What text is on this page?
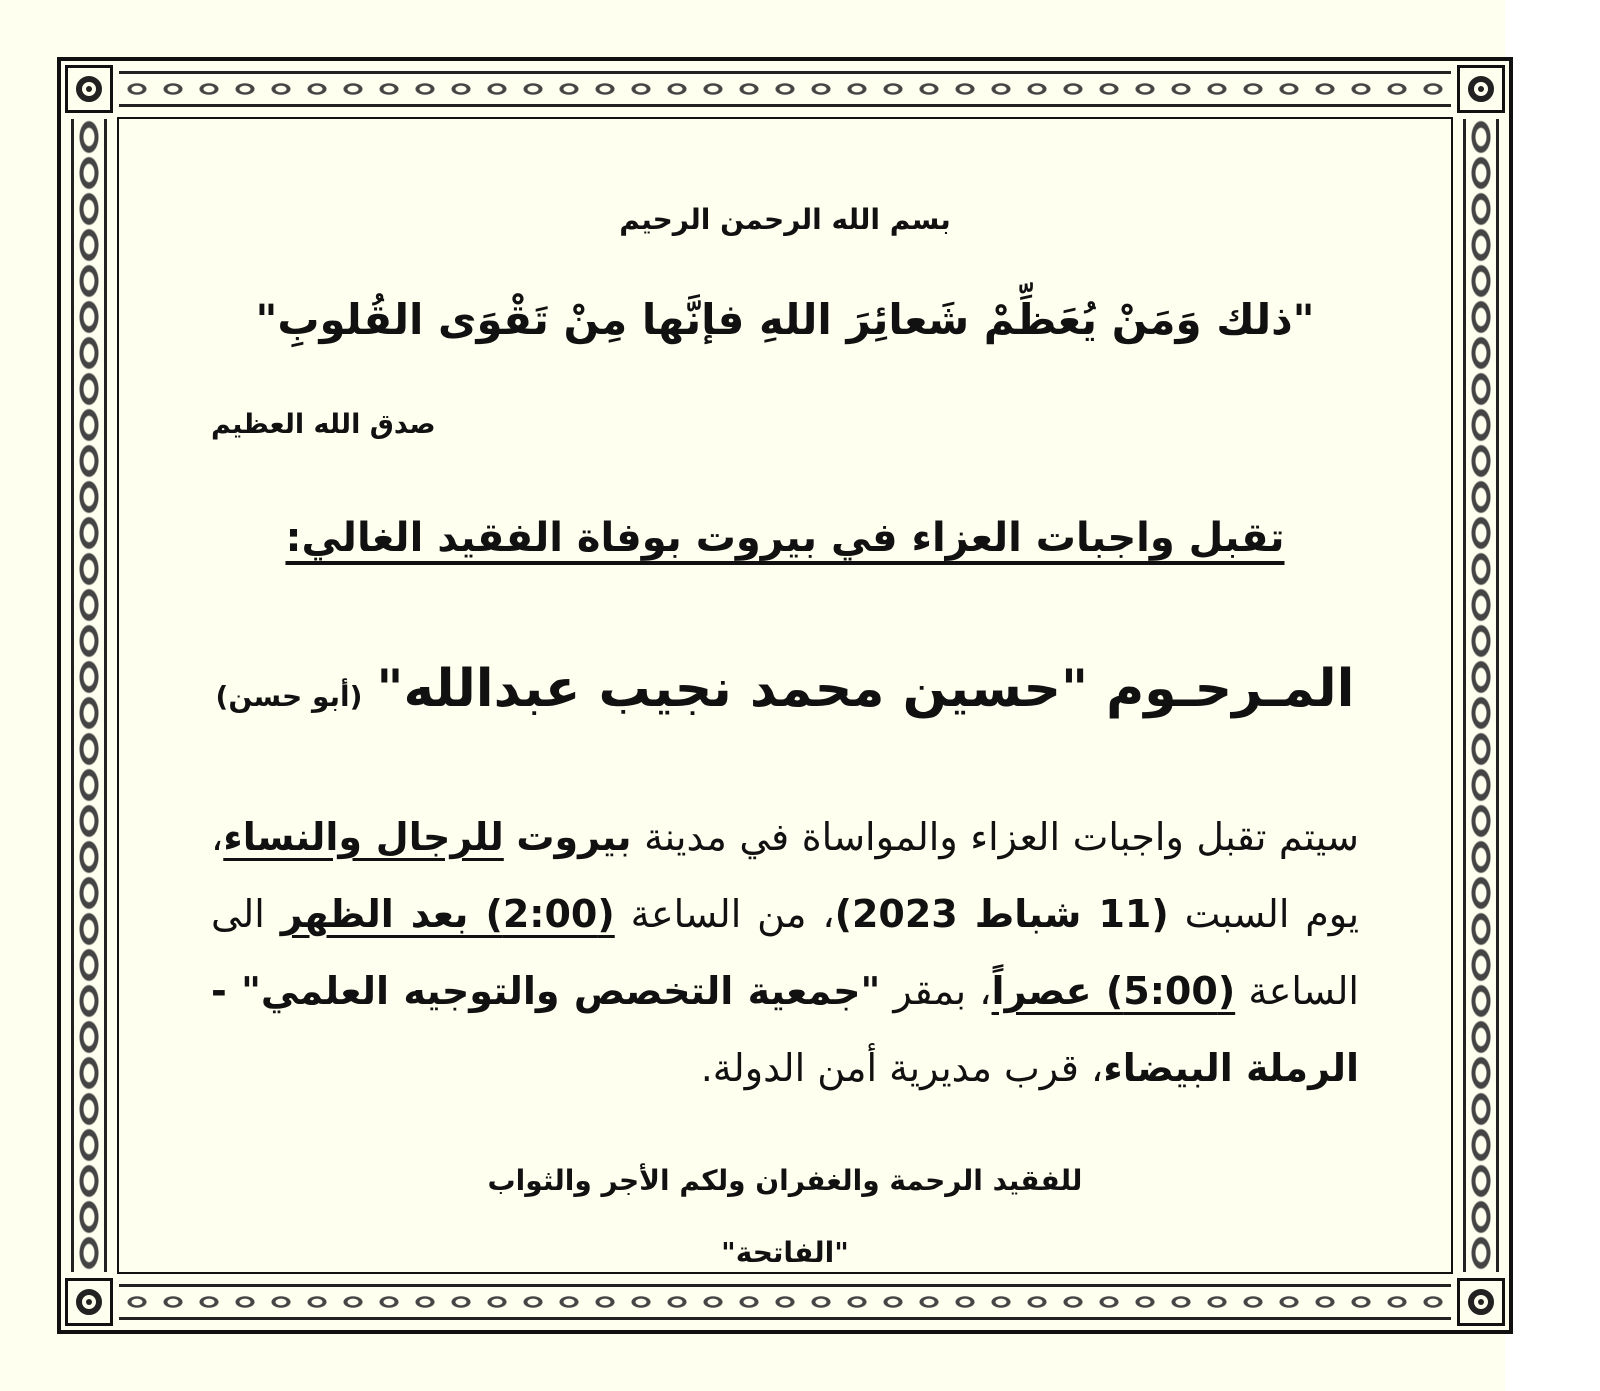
بسم الله الرحمن الرحيم
"ذلك وَمَنْ يُعَظِّمْ شَعائِرَ اللهِ فإنَّها مِنْ تَقْوَى القُلوبِ"
صدق الله العظيم
تقبل واجبات العزاء في بيروت بوفاة الفقيد الغالي:
المـرحـوم "حسين محمد نجيب عبدالله"(أبو حسن)
سيتم تقبل واجبات العزاء والمواساة في مدينة بيروت للرجال والنساء، يوم السبت (11 شباط 2023)، من الساعة (2:00) بعد الظهر الى الساعة (5:00) عصراً، بمقر "جمعية التخصص والتوجيه العلمي" - الرملة البيضاء، قرب مديرية أمن الدولة.
للفقيد الرحمة والغفران ولكم الأجر والثواب
"الفاتحة"
